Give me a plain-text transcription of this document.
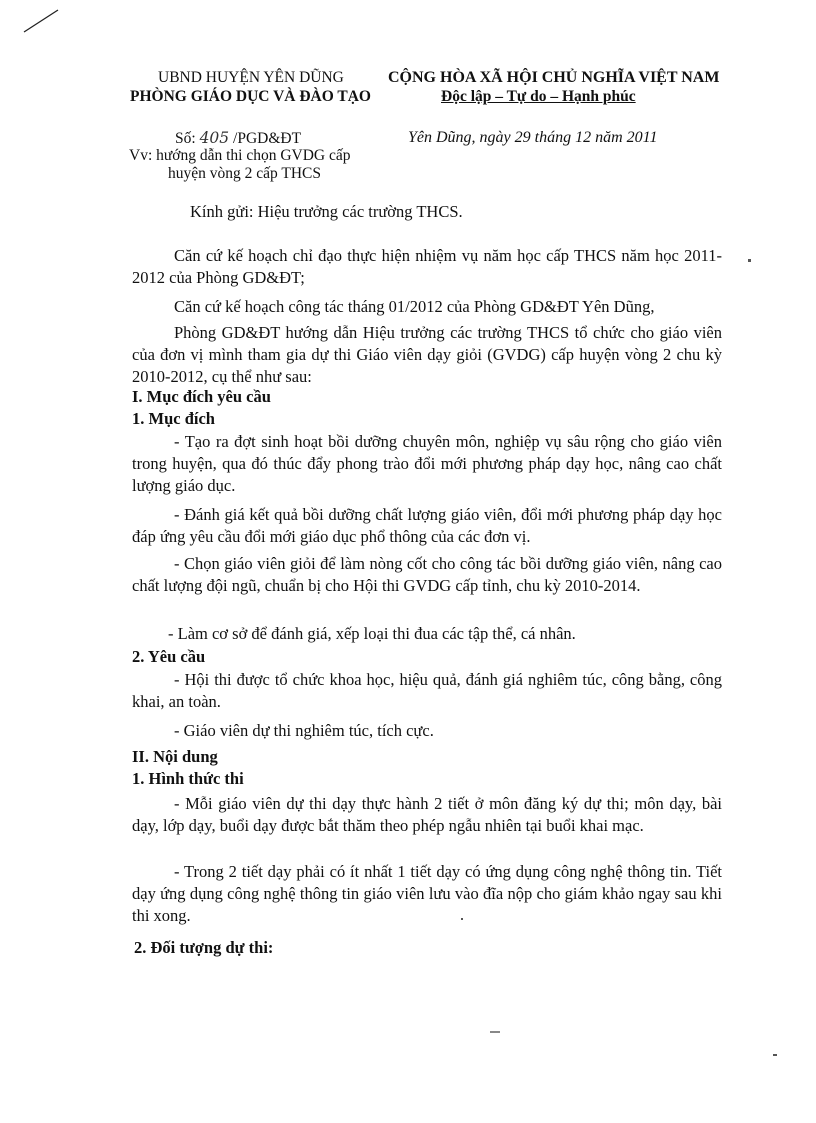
UBND HUYỆN YÊN DŨNG
PHÒNG GIÁO DỤC VÀ ĐÀO TẠO
Số: 405 /PGD&ĐT
Vv: hướng dẫn thi chọn GVDG cấp
huyện vòng 2 cấp THCS
CỘNG HÒA XÃ HỘI CHỦ NGHĨA VIỆT NAM
Độc lập – Tự do – Hạnh phúc
Yên Dũng, ngày 29 tháng 12 năm 2011
Kính gửi: Hiệu trưởng các trường THCS.
Căn cứ kế hoạch chỉ đạo thực hiện nhiệm vụ năm học cấp THCS năm học 2011-2012 của Phòng GD&ĐT;
Căn cứ kế hoạch công tác tháng 01/2012 của Phòng GD&ĐT Yên Dũng,
Phòng GD&ĐT hướng dẫn Hiệu trưởng các trường THCS tổ chức cho giáo viên của đơn vị mình tham gia dự thi Giáo viên dạy giỏi (GVDG) cấp huyện vòng 2 chu kỳ 2010-2012, cụ thể như sau:
I. Mục đích yêu cầu
1. Mục đích
- Tạo ra đợt sinh hoạt bồi dưỡng chuyên môn, nghiệp vụ sâu rộng cho giáo viên trong huyện, qua đó thúc đẩy phong trào đổi mới phương pháp dạy học, nâng cao chất lượng giáo dục.
- Đánh giá kết quả bồi dưỡng chất lượng giáo viên, đổi mới phương pháp dạy học đáp ứng yêu cầu đổi mới giáo dục phổ thông của các đơn vị.
- Chọn giáo viên giỏi để làm nòng cốt cho công tác bồi dưỡng giáo viên, nâng cao chất lượng đội ngũ, chuẩn bị cho Hội thi GVDG cấp tỉnh, chu kỳ 2010-2014.
- Làm cơ sở để đánh giá, xếp loại thi đua các tập thể, cá nhân.
2. Yêu cầu
- Hội thi được tổ chức khoa học, hiệu quả, đánh giá nghiêm túc, công bằng, công khai, an toàn.
- Giáo viên dự thi nghiêm túc, tích cực.
II. Nội dung
1. Hình thức thi
- Mỗi giáo viên dự thi dạy thực hành 2 tiết ở môn đăng ký dự thi; môn dạy, bài dạy, lớp dạy, buổi dạy được bắt thăm theo phép ngẫu nhiên tại buổi khai mạc.
- Trong 2 tiết dạy phải có ít nhất 1 tiết dạy có ứng dụng công nghệ thông tin. Tiết dạy ứng dụng công nghệ thông tin giáo viên lưu vào đĩa nộp cho giám khảo ngay sau khi thi xong.
2. Đối tượng dự thi:
